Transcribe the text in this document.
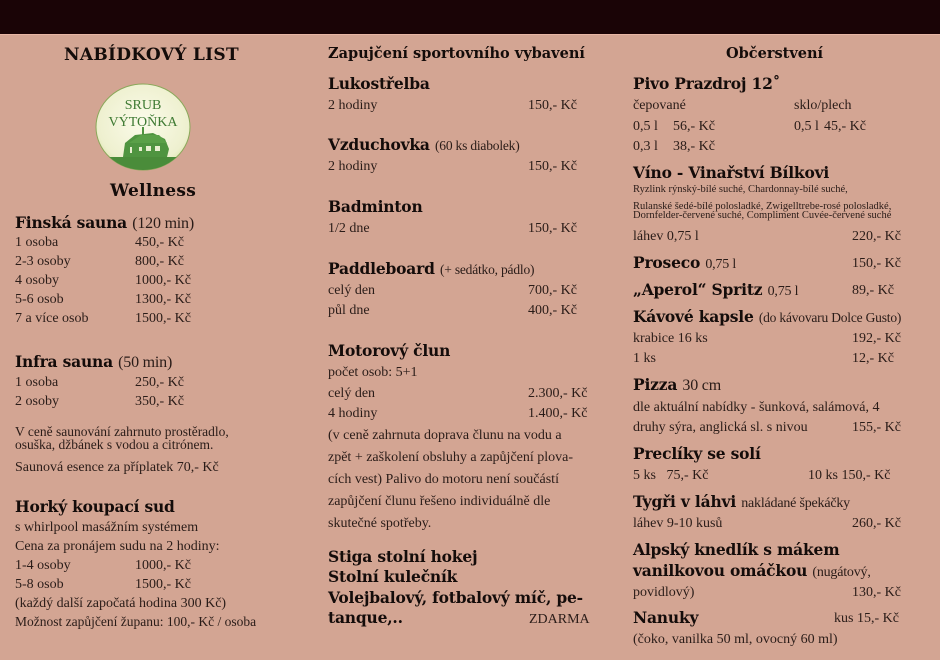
NABÍDKOVÝ LIST
SRUB
VÝTOŇKA
Wellness
Finská sauna (120 min)
1 osoba	450,- Kč
2-3 osoby	800,- Kč
4 osoby	1000,- Kč
5-6 osob	1300,- Kč
7 a více osob	1500,- Kč
Infra sauna (50 min)
1 osoba	250,- Kč
2 osoby	350,- Kč
V ceně saunování zahrnuto prostěradlo,
osuška, džbánek s vodou a citrónem.
Saunová esence za příplatek 70,- Kč
Horký koupací sud
s whirlpool masážním systémem
Cena za pronájem sudu na 2 hodiny:
1-4 osoby	1000,- Kč
5-8 osob	1500,- Kč
(každý další započatá hodina 300 Kč)
Možnost zapůjčení županu: 100,- Kč / osoba
Zapujčení sportovního vybavení
Lukostřelba
2 hodiny	150,- Kč
Vzduchovka (60 ks diabolek)
2 hodiny	150,- Kč
Badminton
1/2 dne	150,- Kč
Paddleboard (+ sedátko, pádlo)
celý den	700,- Kč
půl dne	400,- Kč
Motorový člun
počet osob: 5+1
celý den	2.300,- Kč
4 hodiny	1.400,- Kč
(v ceně zahrnuta doprava člunu na vodu a
zpět + zaškolení obsluhy a zapůjčení plova-
cích vest) Palivo do motoru není součástí
zapůjčení člunu řešeno individuálně dle
skutečné spotřeby.
Stiga stolní hokej
Stolní kulečník
Volejbalový, fotbalový míč, pe-
tanque,..	ZDARMA
Občerstvení
Pivo Prazdroj 12˚
čepované	sklo/plech
0,5 l 56,- Kč	0,5 l 45,- Kč
0,3 l 38,- Kč
Víno - Vinařství Bílkovi
Ryzlink rýnský-bílé suché, Chardonnay-bílé suché,
Rulanské šedé-bílé polosladké, Zwigelltrebe-rosé polosladké,
Dornfelder-červené suché, Compliment Cuvée-červené suché
láhev 0,75 l	220,- Kč
Proseco 0,75 l	150,- Kč
„Aperol“ Spritz 0,75 l	89,- Kč
Kávové kapsle (do kávovaru Dolce Gusto)
krabice 16 ks	192,- Kč
1 ks	12,- Kč
Pizza 30 cm
dle aktuální nabídky - šunková, salámová, 4
druhy sýra, anglická sl. s nivou	155,- Kč
Preclíky se solí
5 ks   75,- Kč	10 ks 150,- Kč
Tygři v láhvi nakládané špekáčky
láhev 9-10 kusů	260,- Kč
Alpský knedlík s mákem
vanilkovou omáčkou (nugátový,
povidlový)	130,- Kč
Nanuky	kus 15,- Kč
(čoko, vanilka 50 ml, ovocný 60 ml)
